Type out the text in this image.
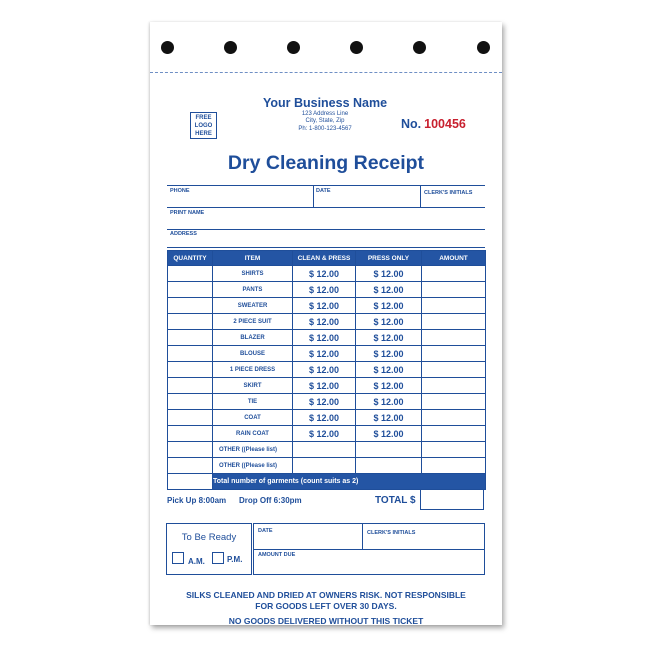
FREE
LOGO
HERE
Your Business Name
123 Address Line
City, State, Zip
Ph: 1-800-123-4567	No. 100456
Dry Cleaning Receipt
PHONE	DATE	CLERK'S INITIALS
PRINT NAME
ADDRESS
QUANTITY	ITEM	CLEAN & PRESS	PRESS ONLY	AMOUNT
	SHIRTS	$ 12.00	$ 12.00	
	PANTS	$ 12.00	$ 12.00	
	SWEATER	$ 12.00	$ 12.00	
	2 PIECE SUIT	$ 12.00	$ 12.00	
	BLAZER	$ 12.00	$ 12.00	
	BLOUSE	$ 12.00	$ 12.00	
	1 PIECE DRESS	$ 12.00	$ 12.00	
	SKIRT	$ 12.00	$ 12.00	
	TIE	$ 12.00	$ 12.00	
	COAT	$ 12.00	$ 12.00	
	RAIN COAT	$ 12.00	$ 12.00	
	OTHER ((Please list)			
	OTHER ((Please list)			
	Total number of garments (count suits as 2)			
Pick Up 8:00am Drop Off 6:30pm	TOTAL $
To Be Ready
A.M.	P.M.
DATE	CLERK'S INITIALS
AMOUNT DUE
SILKS CLEANED AND DRIED AT OWNERS RISK. NOT RESPONSIBLE
FOR GOODS LEFT OVER 30 DAYS.
NO GOODS DELIVERED WITHOUT THIS TICKET
